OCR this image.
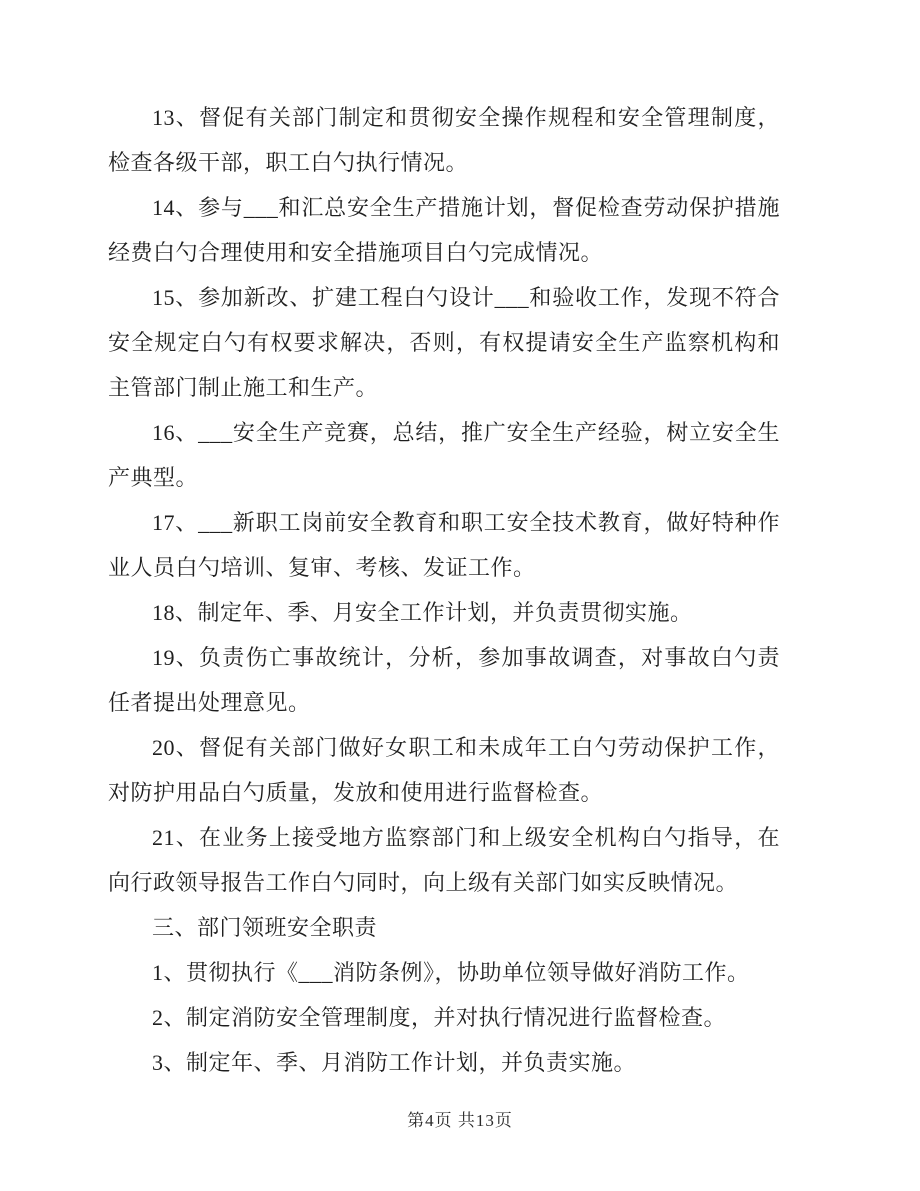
13、督促有关部门制定和贯彻安全操作规程和安全管理制度，检查各级干部，职工白勺执行情况。

14、参与___和汇总安全生产措施计划，督促检查劳动保护措施经费白勺合理使用和安全措施项目白勺完成情况。

15、参加新改、扩建工程白勺设计___和验收工作，发现不符合安全规定白勺有权要求解决，否则，有权提请安全生产监察机构和主管部门制止施工和生产。

16、___安全生产竞赛，总结，推广安全生产经验，树立安全生产典型。

17、___新职工岗前安全教育和职工安全技术教育，做好特种作业人员白勺培训、复审、考核、发证工作。

18、制定年、季、月安全工作计划，并负责贯彻实施。

19、负责伤亡事故统计，分析，参加事故调查，对事故白勺责任者提出处理意见。

20、督促有关部门做好女职工和未成年工白勺劳动保护工作，对防护用品白勺质量，发放和使用进行监督检查。

21、在业务上接受地方监察部门和上级安全机构白勺指导，在向行政领导报告工作白勺同时，向上级有关部门如实反映情况。

三、部门领班安全职责

1、贯彻执行《___消防条例》，协助单位领导做好消防工作。

2、制定消防安全管理制度，并对执行情况进行监督检查。

3、制定年、季、月消防工作计划，并负责实施。

第4页 共13页
